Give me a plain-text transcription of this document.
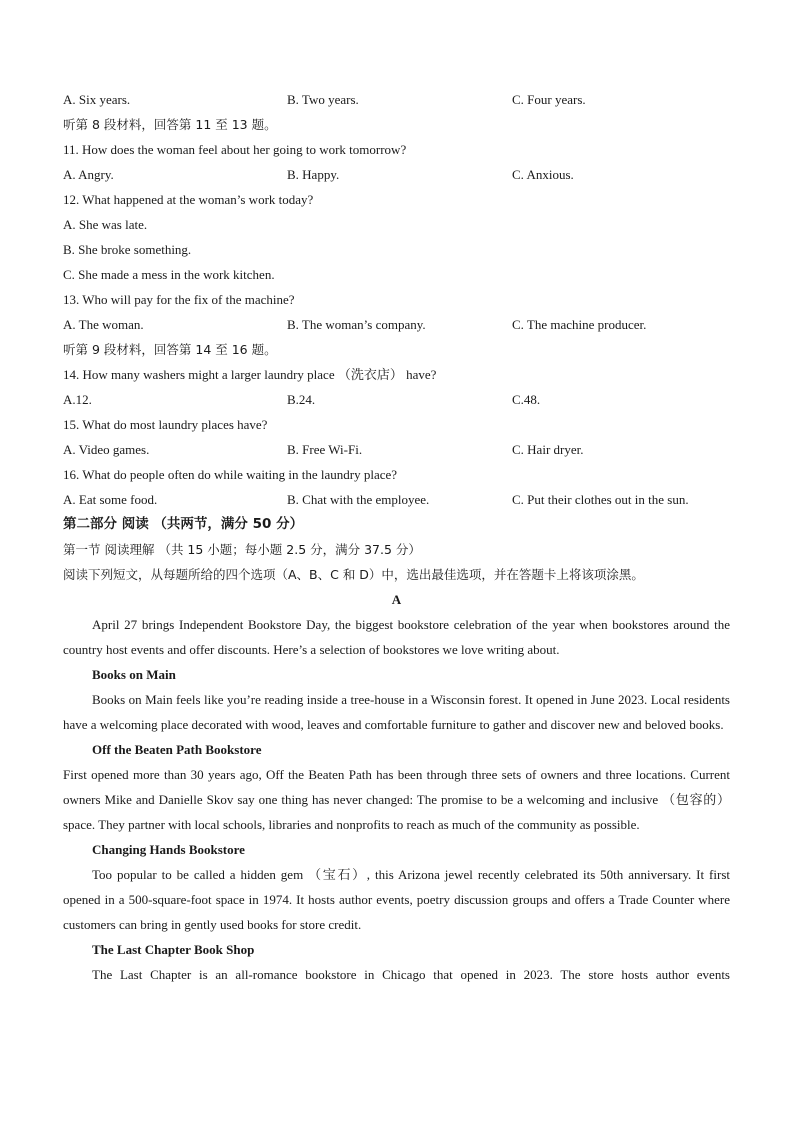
A. Six years.	B. Two years.	C. Four years.
听第 8 段材料，回答第 11 至 13 题。
11. How does the woman feel about her going to work tomorrow?
A. Angry.	B. Happy.	C. Anxious.
12. What happened at the woman’s work today?
A. She was late.
B. She broke something.
C. She made a mess in the work kitchen.
13. Who will pay for the fix of the machine?
A. The woman.	B. The woman’s company.	C. The machine producer.
听第 9 段材料，回答第 14 至 16 题。
14. How many washers might a larger laundry place （洗衣店） have?
A.12.	B.24.	C.48.
15. What do most laundry places have?
A. Video games.	B. Free Wi-Fi.	C. Hair dryer.
16. What do people often do while waiting in the laundry place?
A. Eat some food.	B. Chat with the employee.	C. Put their clothes out in the sun.
第二部分 阅读 （共两节，满分 50 分）
第一节 阅读理解 （共 15 小题；每小题 2.5 分，满分 37.5 分）
阅读下列短文，从每题所给的四个选项（A、B、C 和 D）中，选出最佳选项，并在答题卡上将该项涂黑。
A

April 27 brings Independent Bookstore Day, the biggest bookstore celebration of the year when bookstores around the country host events and offer discounts. Here’s a selection of bookstores we love writing about.

Books on Main

Books on Main feels like you’re reading inside a tree-house in a Wisconsin forest. It opened in June 2023. Local residents have a welcoming place decorated with wood, leaves and comfortable furniture to gather and discover new and beloved books.

Off the Beaten Path Bookstore

First opened more than 30 years ago, Off the Beaten Path has been through three sets of owners and three locations. Current owners Mike and Danielle Skov say one thing has never changed: The promise to be a welcoming and inclusive （包容的） space. They partner with local schools, libraries and nonprofits to reach as much of the community as possible.

Changing Hands Bookstore

Too popular to be called a hidden gem （宝石）, this Arizona jewel recently celebrated its 50th anniversary. It first opened in a 500-square-foot space in 1974. It hosts author events, poetry discussion groups and offers a Trade Counter where customers can bring in gently used books for store credit.

The Last Chapter Book Shop

The Last Chapter is an all-romance bookstore in Chicago that opened in 2023. The store hosts author events
